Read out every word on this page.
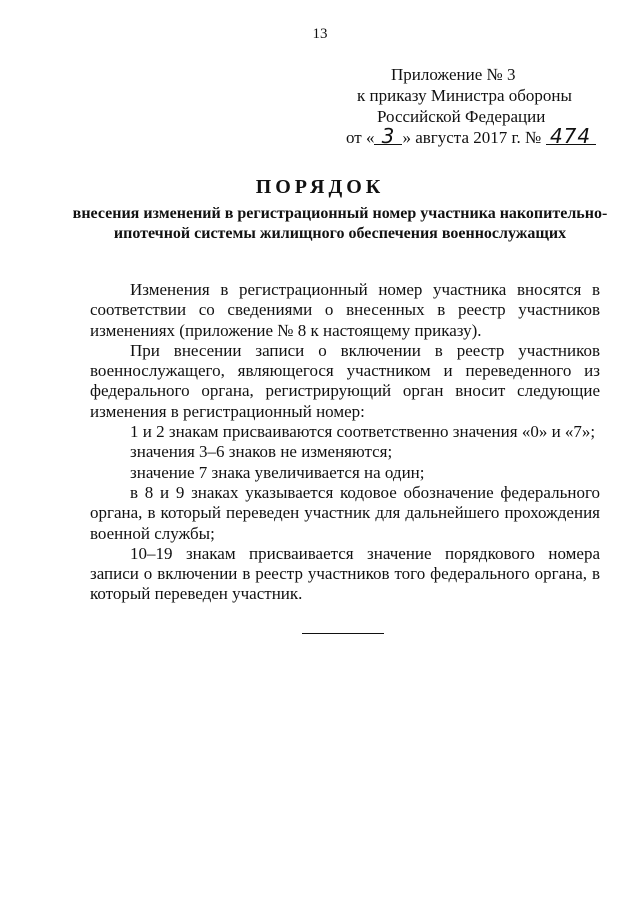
13
Приложение № 3
к приказу Министра обороны
Российской Федерации
от « 3 » августа 2017 г. № 474
ПОРЯДОК
внесения изменений в регистрационный номер участника накопительно-ипотечной системы жилищного обеспечения военнослужащих

Изменения в регистрационный номер участника вносятся в соответствии со сведениями о внесенных в реестр участников изменениях (приложение № 8 к настоящему приказу).

При внесении записи о включении в реестр участников военнослужащего, являющегося участником и переведенного из федерального органа, регистрирующий орган вносит следующие изменения в регистрационный номер:

1 и 2 знакам присваиваются соответственно значения «0» и «7»;

значения 3–6 знаков не изменяются;

значение 7 знака увеличивается на один;

в 8 и 9 знаках указывается кодовое обозначение федерального органа, в который переведен участник для дальнейшего прохождения военной службы;

10–19 знакам присваивается значение порядкового номера записи о включении в реестр участников того федерального органа, в который переведен участник.
